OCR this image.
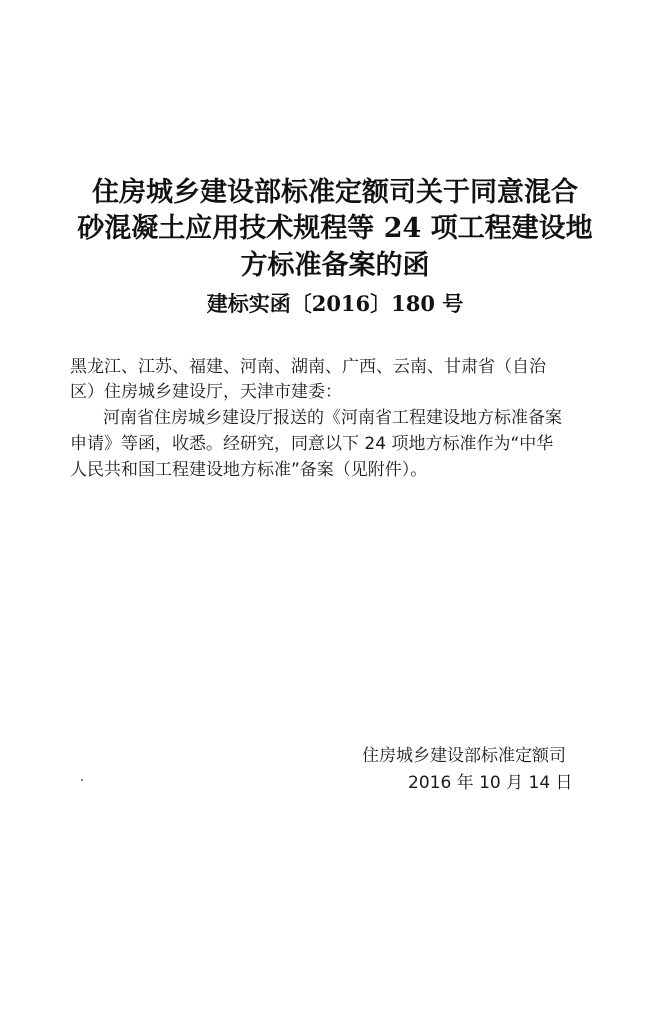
住房城乡建设部标准定额司关于同意混合
砂混凝土应用技术规程等 24 项工程建设地
方标准备案的函
建标实函〔2016〕180 号
黑龙江、江苏、福建、河南、湖南、广西、云南、甘肃省（自治
区）住房城乡建设厅，天津市建委：
河南省住房城乡建设厅报送的《河南省工程建设地方标准备案
申请》等函，收悉。经研究，同意以下 24 项地方标准作为“中华
人民共和国工程建设地方标准”备案（见附件）。
住房城乡建设部标准定额司
2016 年 10 月 14 日
